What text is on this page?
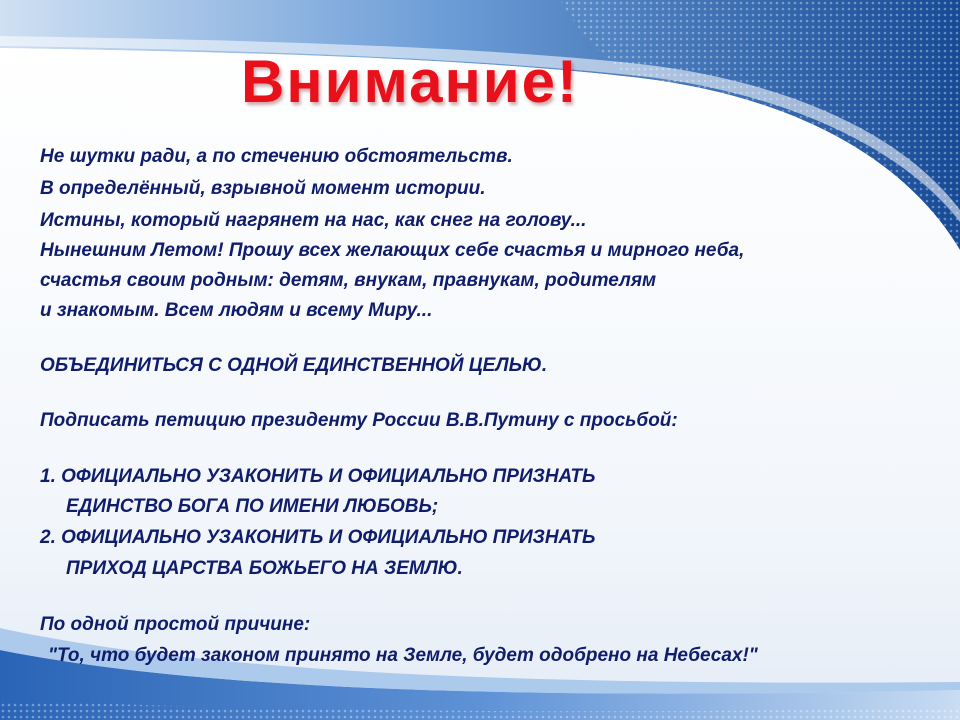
Внимание!
Не шутки ради, а по стечению обстоятельств.
В определённый, взрывной момент истории.
Истины, который нагрянет на нас, как снег на голову...
Нынешним Летом! Прошу всех желающих себе счастья и мирного неба,
счастья своим родным: детям, внукам, правнукам, родителям
и знакомым. Всем людям и всему Миру...
ОБЪЕДИНИТЬСЯ С ОДНОЙ ЕДИНСТВЕННОЙ ЦЕЛЬЮ.
Подписать петицию президенту России В.В.Путину с просьбой:
1. ОФИЦИАЛЬНО УЗАКОНИТЬ И ОФИЦИАЛЬНО ПРИЗНАТЬ
ЕДИНСТВО БОГА ПО ИМЕНИ ЛЮБОВЬ;
2. ОФИЦИАЛЬНО УЗАКОНИТЬ И ОФИЦИАЛЬНО ПРИЗНАТЬ
ПРИХОД ЦАРСТВА БОЖЬЕГО НА ЗЕМЛЮ.
По одной простой причине:
"То, что будет законом принято на Земле, будет одобрено на Небесах!"
